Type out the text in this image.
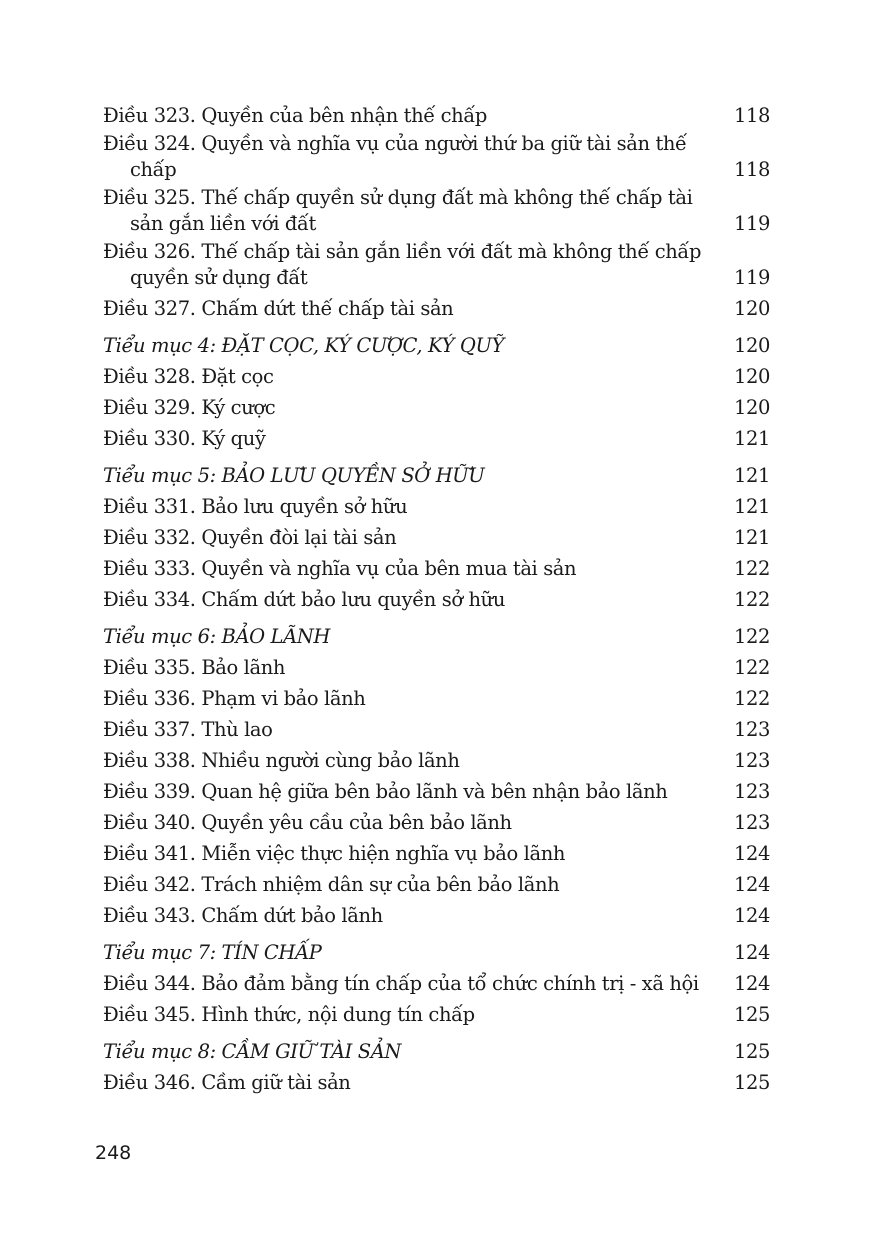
Điều 323. Quyền của bên nhận thế chấp	118
Điều 324. Quyền và nghĩa vụ của người thứ ba giữ tài sản thế chấp	118
Điều 325. Thế chấp quyền sử dụng đất mà không thế chấp tài sản gắn liền với đất	119
Điều 326. Thế chấp tài sản gắn liền với đất mà không thế chấp quyền sử dụng đất	119
Điều 327. Chấm dứt thế chấp tài sản	120
Tiểu mục 4: ĐẶT CỌC, KÝ CƯỢC, KÝ QUỸ	120
Điều 328. Đặt cọc	120
Điều 329. Ký cược	120
Điều 330. Ký quỹ	121
Tiểu mục 5: BẢO LƯU QUYỀN SỞ HỮU	121
Điều 331. Bảo lưu quyền sở hữu	121
Điều 332. Quyền đòi lại tài sản	121
Điều 333. Quyền và nghĩa vụ của bên mua tài sản	122
Điều 334. Chấm dứt bảo lưu quyền sở hữu	122
Tiểu mục 6: BẢO LÃNH	122
Điều 335. Bảo lãnh	122
Điều 336. Phạm vi bảo lãnh	122
Điều 337. Thù lao	123
Điều 338. Nhiều người cùng bảo lãnh	123
Điều 339. Quan hệ giữa bên bảo lãnh và bên nhận bảo lãnh	123
Điều 340. Quyền yêu cầu của bên bảo lãnh	123
Điều 341. Miễn việc thực hiện nghĩa vụ bảo lãnh	124
Điều 342. Trách nhiệm dân sự của bên bảo lãnh	124
Điều 343. Chấm dứt bảo lãnh	124
Tiểu mục 7: TÍN CHẤP	124
Điều 344. Bảo đảm bằng tín chấp của tổ chức chính trị - xã hội	124
Điều 345. Hình thức, nội dung tín chấp	125
Tiểu mục 8: CẦM GIỮ TÀI SẢN	125
Điều 346. Cầm giữ tài sản	125
248
